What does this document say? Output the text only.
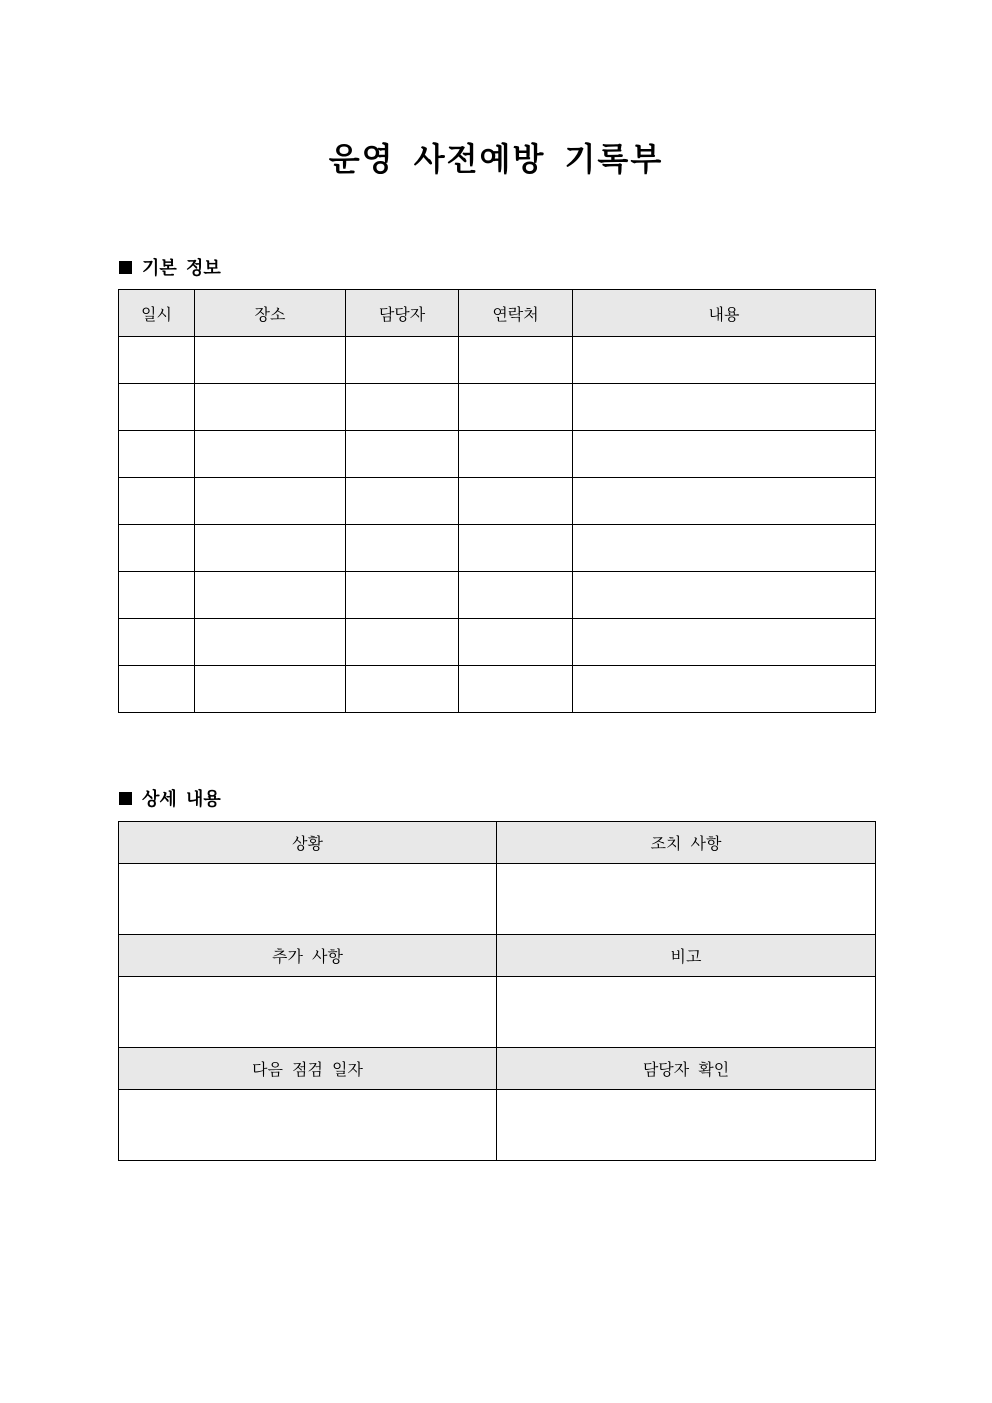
운영 사전예방 기록부
기본 정보
일시	장소	담당자	연락처	내용

상세 내용
상황	조치 사항

추가 사항	비고

다음 점검 일자	담당자 확인
